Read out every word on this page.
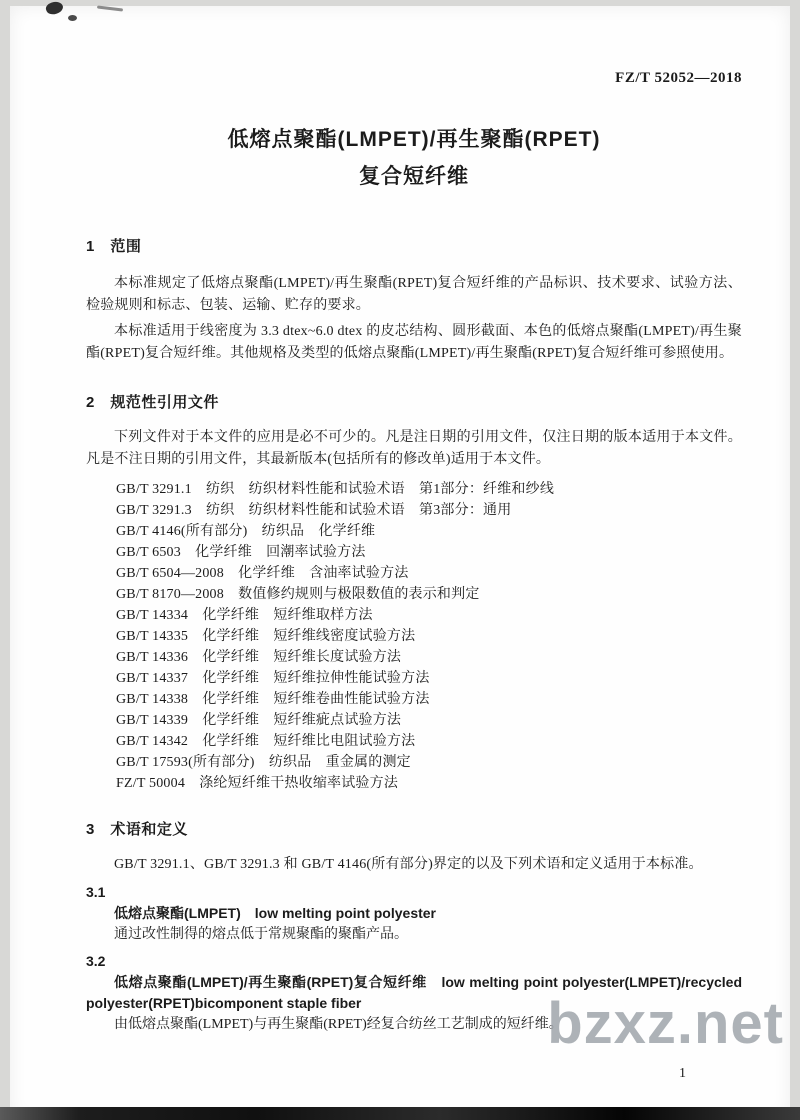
FZ/T 52052—2018
低熔点聚酯(LMPET)/再生聚酯(RPET)
复合短纤维
1　范围

本标准规定了低熔点聚酯(LMPET)/再生聚酯(RPET)复合短纤维的产品标识、技术要求、试验方法、检验规则和标志、包装、运输、贮存的要求。

本标准适用于线密度为 3.3 dtex~6.0 dtex 的皮芯结构、圆形截面、本色的低熔点聚酯(LMPET)/再生聚酯(RPET)复合短纤维。其他规格及类型的低熔点聚酯(LMPET)/再生聚酯(RPET)复合短纤维可参照使用。

2　规范性引用文件

下列文件对于本文件的应用是必不可少的。凡是注日期的引用文件，仅注日期的版本适用于本文件。凡是不注日期的引用文件，其最新版本(包括所有的修改单)适用于本文件。

GB/T 3291.1　纺织　纺织材料性能和试验术语　第1部分：纤维和纱线
GB/T 3291.3　纺织　纺织材料性能和试验术语　第3部分：通用
GB/T 4146(所有部分)　纺织品　化学纤维
GB/T 6503　化学纤维　回潮率试验方法
GB/T 6504—2008　化学纤维　含油率试验方法
GB/T 8170—2008　数值修约规则与极限数值的表示和判定
GB/T 14334　化学纤维　短纤维取样方法
GB/T 14335　化学纤维　短纤维线密度试验方法
GB/T 14336　化学纤维　短纤维长度试验方法
GB/T 14337　化学纤维　短纤维拉伸性能试验方法
GB/T 14338　化学纤维　短纤维卷曲性能试验方法
GB/T 14339　化学纤维　短纤维疵点试验方法
GB/T 14342　化学纤维　短纤维比电阻试验方法
GB/T 17593(所有部分)　纺织品　重金属的测定
FZ/T 50004　涤纶短纤维干热收缩率试验方法
3　术语和定义

GB/T 3291.1、GB/T 3291.3 和 GB/T 4146(所有部分)界定的以及下列术语和定义适用于本标准。

3.1

低熔点聚酯(LMPET)　low melting point polyester

通过改性制得的熔点低于常规聚酯的聚酯产品。

3.2

低熔点聚酯(LMPET)/再生聚酯(RPET)复合短纤维　low melting point polyester(LMPET)/recycled polyester(RPET)bicomponent staple fiber

由低熔点聚酯(LMPET)与再生聚酯(RPET)经复合纺丝工艺制成的短纤维。

1
bzxz.net
